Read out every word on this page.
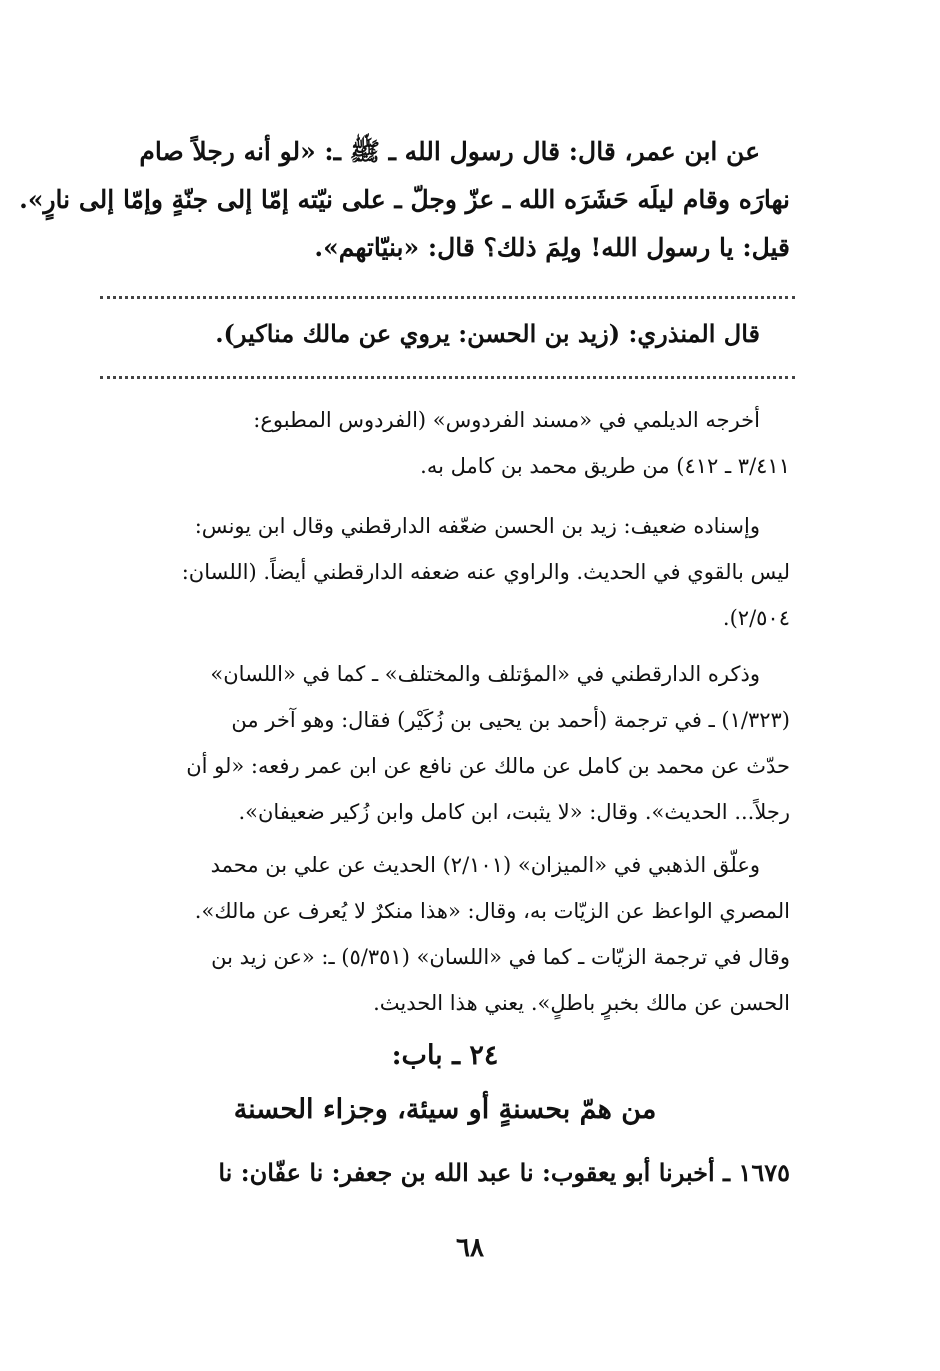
عن ابن عمر، قال: قال رسول الله ـ ﷺ ـ: «لو أنه رجلاً صام
نهارَه وقام ليلَه حَشَرَه الله ـ عزّ وجلّ ـ على نيّته إمّا إلى جنّةٍ وإمّا إلى نارٍ».
قيل: يا رسول الله! ولِمَ ذلك؟ قال: «بنيّاتهم».
قال المنذري: (زيد بن الحسن: يروي عن مالك مناكير).
أخرجه الديلمي في «مسند الفردوس» (الفردوس المطبوع:
٣/٤١١ ـ ٤١٢) من طريق محمد بن كامل به.
وإسناده ضعيف: زيد بن الحسن ضعّفه الدارقطني وقال ابن يونس:
ليس بالقوي في الحديث. والراوي عنه ضعفه الدارقطني أيضاً. (اللسان:
٢/٥٠٤).
وذكره الدارقطني في «المؤتلف والمختلف» ـ كما في «اللسان»
(١/٣٢٣) ـ في ترجمة (أحمد بن يحيى بن زُكَيْر) فقال: وهو آخر من
حدّث عن محمد بن كامل عن مالك عن نافع عن ابن عمر رفعه: «لو أن
رجلاً... الحديث». وقال: «لا يثبت، ابن كامل وابن زُكير ضعيفان».
وعلّق الذهبي في «الميزان» (٢/١٠١) الحديث عن علي بن محمد
المصري الواعظ عن الزيّات به، وقال: «هذا منكرٌ لا يُعرف عن مالك».
وقال في ترجمة الزيّات ـ كما في «اللسان» (٥/٣٥١) ـ: «عن زيد بن
الحسن عن مالك بخبرٍ باطلٍ». يعني هذا الحديث.
٢٤ ـ باب:
من همّ بحسنةٍ أو سيئة، وجزاء الحسنة
١٦٧٥ ـ أخبرنا أبو يعقوب: نا عبد الله بن جعفر: نا عفّان: نا
٦٨
